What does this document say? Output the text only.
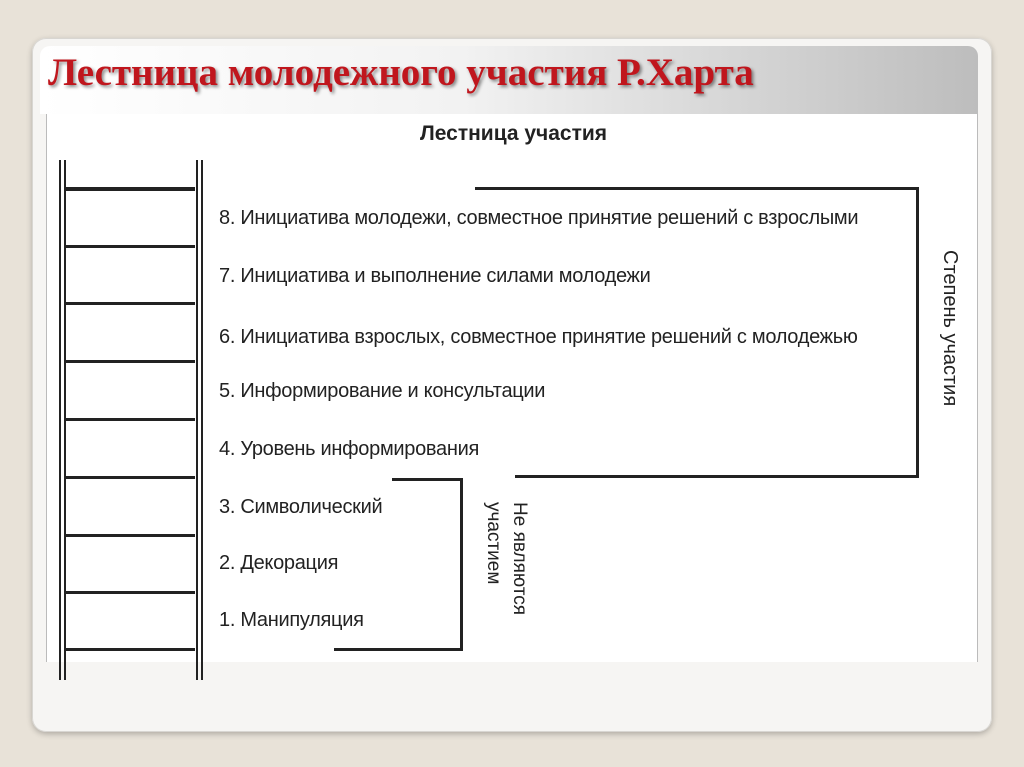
Лестница молодежного участия Р.Харта
Лестница участия
8. Инициатива молодежи, совместное принятие решений с взрослыми
7. Инициатива и выполнение силами молодежи
6. Инициатива взрослых, совместное принятие решений с молодежью
5. Информирование и консультации
4. Уровень информирования
3. Символический
2. Декорация
1. Манипуляция
Степень участия
Не являются
участием
